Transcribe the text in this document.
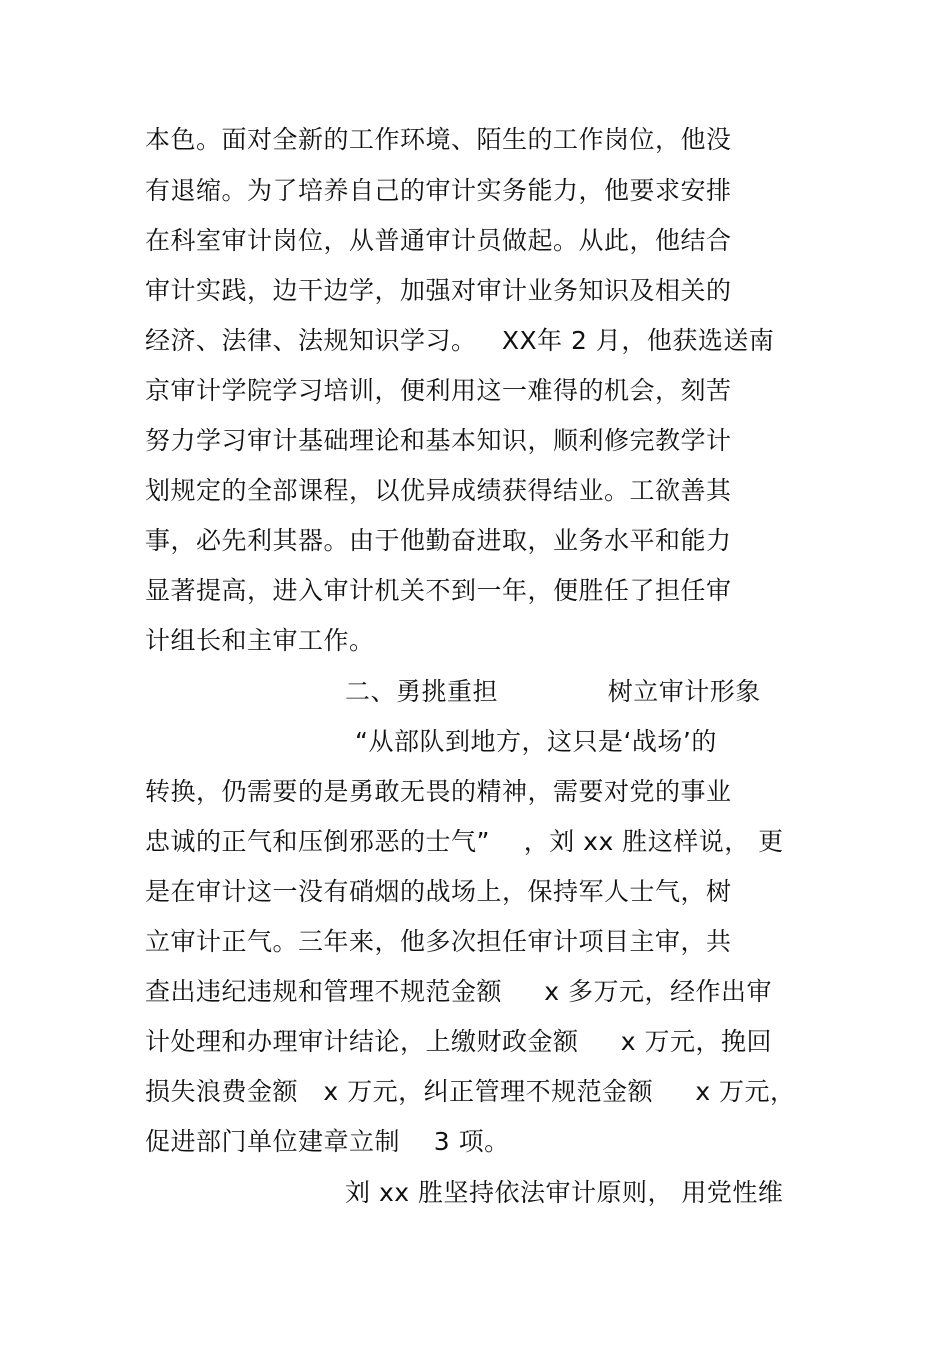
本色。面对全新的工作环境、陌生的工作岗位，他没
有退缩。为了培养自己的审计实务能力，他要求安排
在科室审计岗位，从普通审计员做起。从此，他结合
审计实践，边干边学，加强对审计业务知识及相关的
经济、法律、法规知识学习。   XX年 2 月，他获选送南
京审计学院学习培训，便利用这一难得的机会，刻苦
努力学习审计基础理论和基本知识，顺利修完教学计
划规定的全部课程，以优异成绩获得结业。工欲善其
事，必先利其器。由于他勤奋进取，业务水平和能力
显著提高，进入审计机关不到一年，便胜任了担任审
计组长和主审工作。
二、勇挑重担             树立审计形象
“从部队到地方，这只是‘战场’的
转换，仍需要的是勇敢无畏的精神，需要对党的事业
忠诚的正气和压倒邪恶的士气”    ，刘 xx 胜这样说， 更
是在审计这一没有硝烟的战场上，保持军人士气，树
立审计正气。三年来，他多次担任审计项目主审，共
查出违纪违规和管理不规范金额     x 多万元，经作出审
计处理和办理审计结论，上缴财政金额     x 万元，挽回
损失浪费金额   x 万元，纠正管理不规范金额     x 万元，
促进部门单位建章立制    3 项。
刘 xx 胜坚持依法审计原则， 用党性维
